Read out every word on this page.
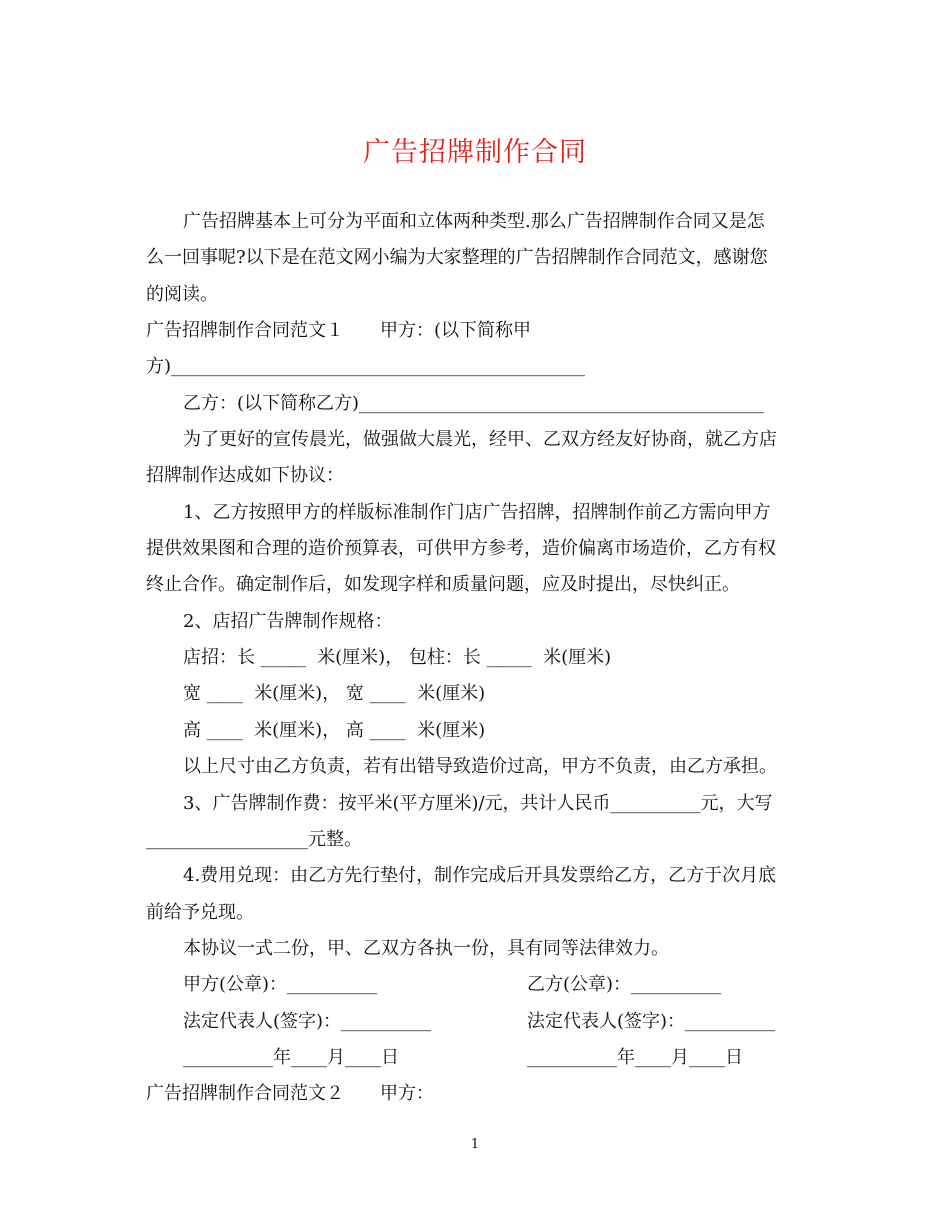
广告招牌制作合同
广告招牌基本上可分为平面和立体两种类型.那么广告招牌制作合同又是怎
么一回事呢?以下是在范文网小编为大家整理的广告招牌制作合同范文，感谢您
的阅读。
广告招牌制作合同范文１　　甲方：(以下简称甲
方)______________________________________________
乙方：(以下简称乙方)_____________________________________________
为了更好的宣传晨光，做强做大晨光，经甲、乙双方经友好协商，就乙方店
招牌制作达成如下协议：
1、乙方按照甲方的样版标准制作门店广告招牌，招牌制作前乙方需向甲方
提供效果图和合理的造价预算表，可供甲方参考，造价偏离市场造价，乙方有权
终止合作。确定制作后，如发现字样和质量问题，应及时提出，尽快纠正。
2、店招广告牌制作规格：
店招：长 _____  米(厘米)， 包柱：长 _____  米(厘米)
宽 ____  米(厘米)， 宽 ____  米(厘米)
高 ____  米(厘米)， 高 ____  米(厘米)
以上尺寸由乙方负责，若有出错导致造价过高，甲方不负责，由乙方承担。
3、广告牌制作费：按平米(平方厘米)/元，共计人民币__________元，大写
__________________元整。
4.费用兑现：由乙方先行垫付，制作完成后开具发票给乙方，乙方于次月底
前给予兑现。
本协议一式二份，甲、乙双方各执一份，具有同等法律效力。
甲方(公章)：__________	乙方(公章)：__________
法定代表人(签字)：__________	法定代表人(签字)：__________
__________年____月____日	__________年____月____日
广告招牌制作合同范文２　　甲方：
1
